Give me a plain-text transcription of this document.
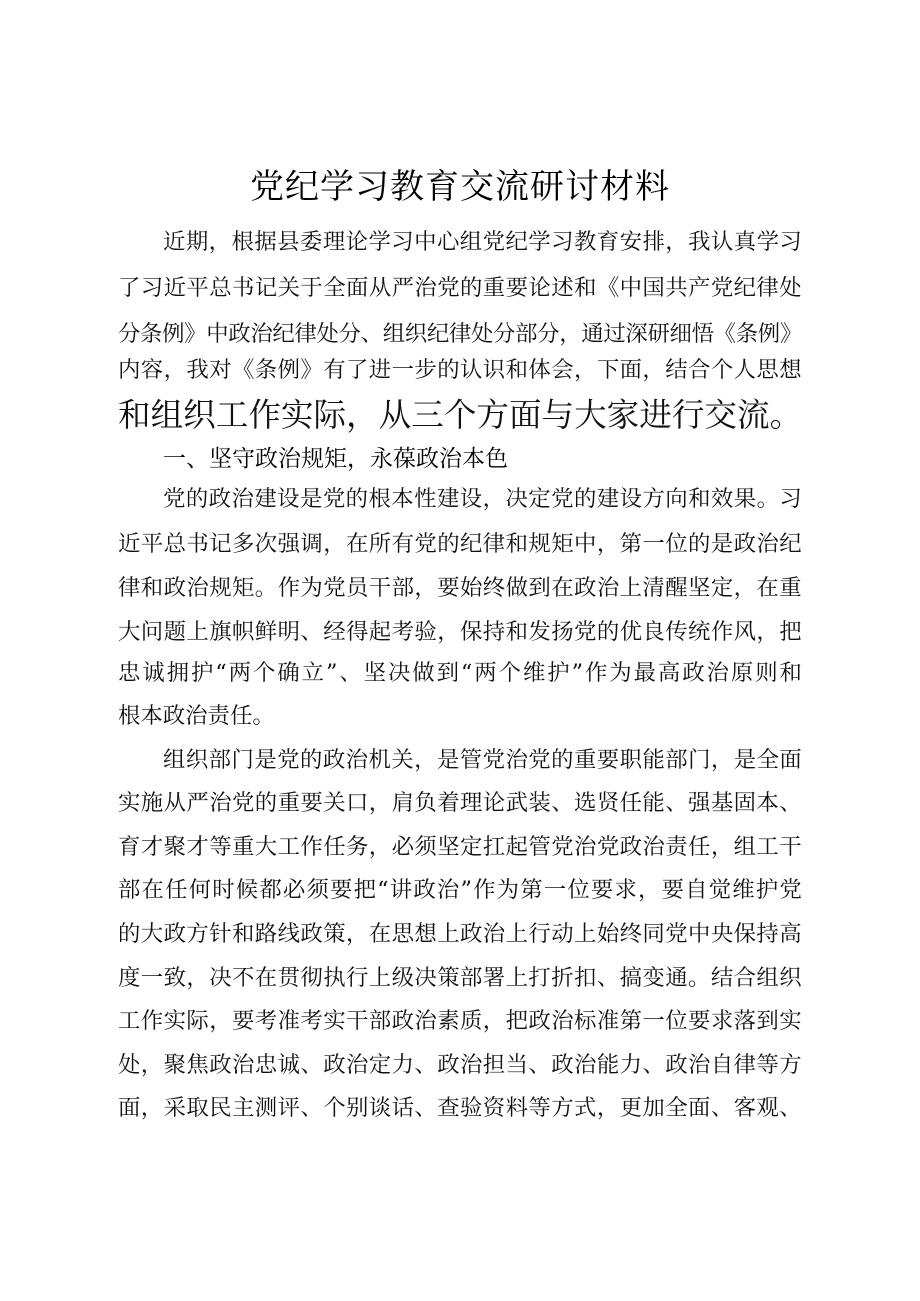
党纪学习教育交流研讨材料

近期，根据县委理论学习中心组党纪学习教育安排，我认真学习

了习近平总书记关于全面从严治党的重要论述和《中国共产党纪律处

分条例》中政治纪律处分、组织纪律处分部分，通过深研细悟《条例》

内容，我对《条例》有了进一步的认识和体会，下面，结合个人思想

和组织工作实际，从三个方面与大家进行交流。

一、坚守政治规矩，永葆政治本色

党的政治建设是党的根本性建设，决定党的建设方向和效果。习

近平总书记多次强调，在所有党的纪律和规矩中，第一位的是政治纪

律和政治规矩。作为党员干部，要始终做到在政治上清醒坚定，在重

大问题上旗帜鲜明、经得起考验，保持和发扬党的优良传统作风，把

忠诚拥护“两个确立”、坚决做到“两个维护”作为最高政治原则和

根本政治责任。

组织部门是党的政治机关，是管党治党的重要职能部门，是全面

实施从严治党的重要关口，肩负着理论武装、选贤任能、强基固本、

育才聚才等重大工作任务，必须坚定扛起管党治党政治责任，组工干

部在任何时候都必须要把“讲政治”作为第一位要求，要自觉维护党

的大政方针和路线政策，在思想上政治上行动上始终同党中央保持高

度一致，决不在贯彻执行上级决策部署上打折扣、搞变通。结合组织

工作实际，要考准考实干部政治素质，把政治标准第一位要求落到实

处，聚焦政治忠诚、政治定力、政治担当、政治能力、政治自律等方

面，采取民主测评、个别谈话、查验资料等方式，更加全面、客观、
